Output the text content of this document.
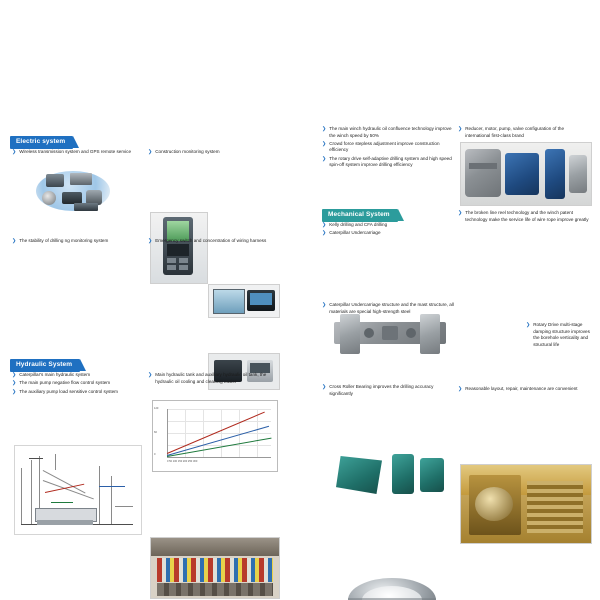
Electric system
❯ Wireless transmission system and GPS remote service	❯ Construction monitoring system
❯ The stability of drilling ng monitoring system	❯ Emergency switch and concentration of wiring harness
Hydraulic System
❯ Caterpillar's main hydraulic system
❯ The main pump negative flow control system
❯ The auxiliary pump load sensitive control system
❯ Main hydraulic tank and auxiliary hydraulic oil tank, the hydraulic oil cooling and cleaning easier
120
60
0
0 50 100 150 200 250 300
❯ The main winch hydraulic oil confluence technology improve the winch speed by 50%
❯ Crowd force stepless adjustment improve construction efficiency
❯ The rotary drive self-adaptive drilling system and high speed spin-off system improve drilling efficiency
❯ Reducer, motor, pump, valve configuration of the international first-class brand
Mechanical System
❯ Kelly drilling and CFA drilling
❯ Caterpillar Undercarriage
❯ Caterpillar Undercarriage structure and the mast structure, all materials are special high-strength steel
❯ Cross Roller Bearing improves the drilling accuracy significantly
❯ The broken line reel technology and the winch patent technology make the service life of wire rope improve greatly
❯ Rotary Drive multi-stage damping structure improves the borehole verticality and structural life
❯ Reasonable layout, repair, maintenance are convenient
